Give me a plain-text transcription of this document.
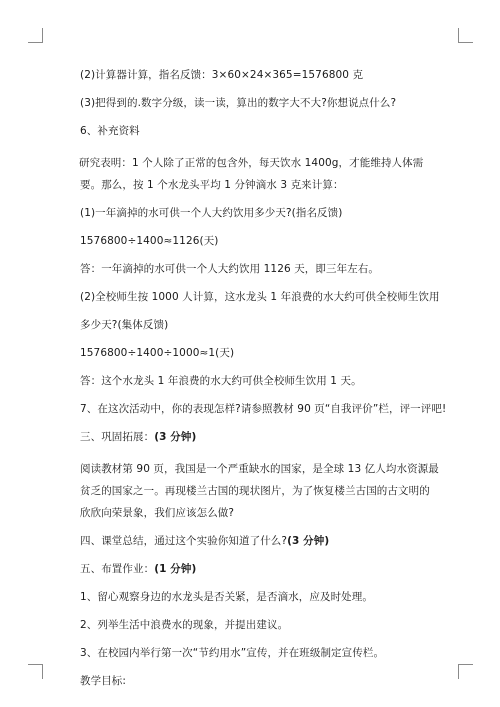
(2)计算器计算，指名反馈：3×60×24×365=1576800 克
(3)把得到的.数字分级，读一读，算出的数字大不大?你想说点什么?
6、补充资料
研究表明：1 个人除了正常的包含外，每天饮水 1400g，才能维持人体需要。那么，按 1 个水龙头平均 1 分钟滴水 3 克来计算：
(1)一年滴掉的水可供一个人大约饮用多少天?(指名反馈)
1576800÷1400≈1126(天)
答：一年滴掉的水可供一个人大约饮用 1126 天，即三年左右。
(2)全校师生按 1000 人计算，这水龙头 1 年浪费的水大约可供全校师生饮用
多少天?(集体反馈)
1576800÷1400÷1000≈1(天)
答：这个水龙头 1 年浪费的水大约可供全校师生饮用 1 天。
7、在这次活动中，你的表现怎样?请参照教材 90 页“自我评价”栏，评一评吧!
三、巩固拓展：(3 分钟)
阅读教材第 90 页，我国是一个严重缺水的国家，是全球 13 亿人均水资源最贫乏的国家之一。再现楼兰古国的现状图片，为了恢复楼兰古国的古文明的欣欣向荣景象，我们应该怎么做?
四、课堂总结，通过这个实验你知道了什么?(3 分钟)
五、布置作业：(1 分钟)
1、留心观察身边的水龙头是否关紧，是否滴水，应及时处理。
2、列举生活中浪费水的现象，并提出建议。
3、在校园内举行第一次“节约用水”宣传，并在班级制定宣传栏。
教学目标:
